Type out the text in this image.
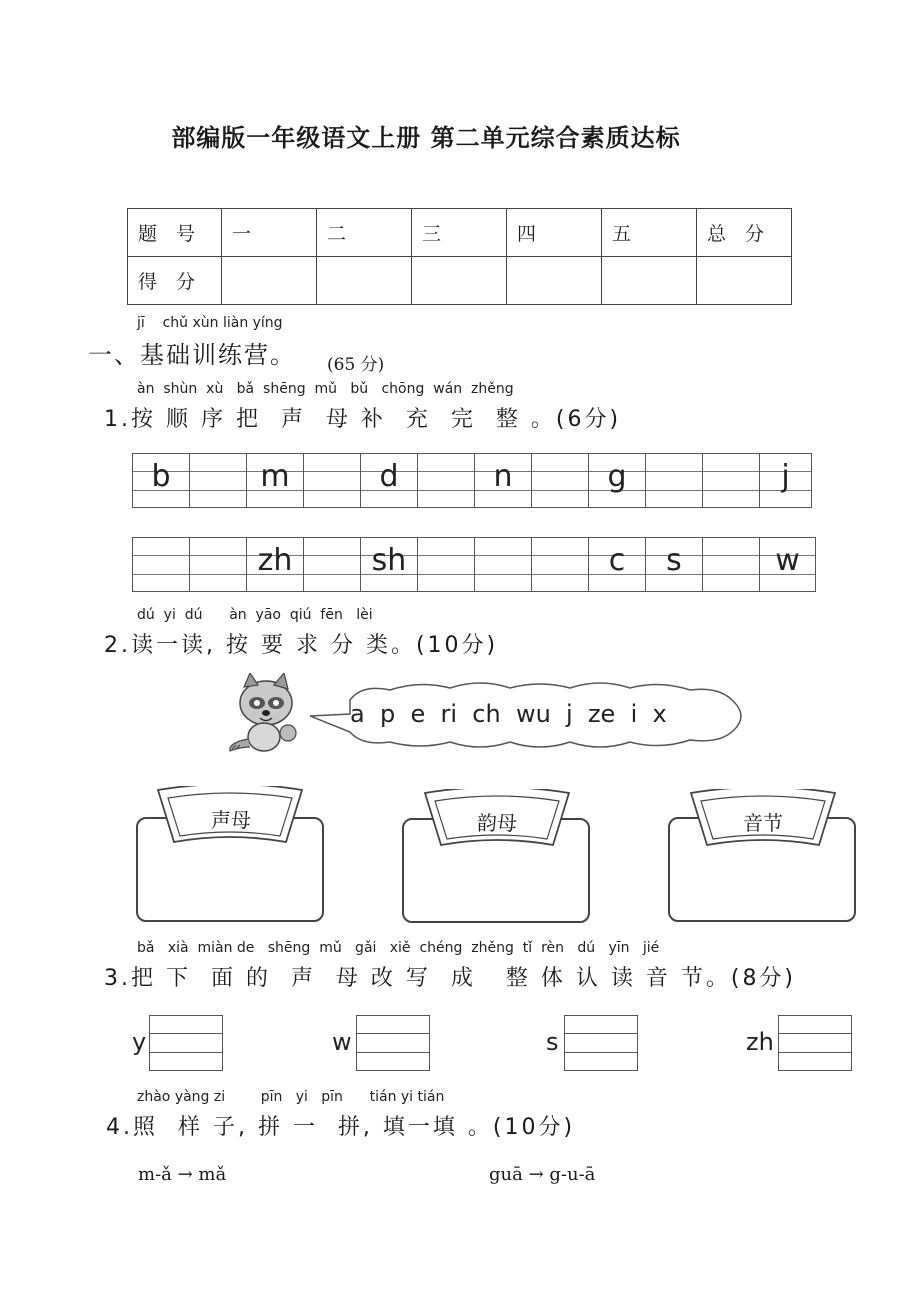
部编版一年级语文上册 第二单元综合素质达标
题　号	一	二	三	四	五	总　分
得　分						
jī    chǔ xùn liàn yíng
一、基础训练营。 (65 分)
àn  shùn  xù   bǎ  shēng  mǔ   bǔ   chōng  wán  zhěng
1.按 顺 序 把  声  母 补  充  完  整 。(6分)
b	m	d	n	g	j
zh	sh	c	s	w
dú  yi  dú      àn  yāo  qiú  fēn   lèi
2.读一读, 按 要 求 分 类。(10分)
a  p  e  ri  ch  wu  j  ze  i  x
声母	韵母	音节
bǎ   xià  miàn de   shēng  mǔ   gǎi   xiě  chéng  zhěng  tǐ  rèn   dú   yīn   jié
3.把 下  面 的  声  母 改 写  成   整 体 认 读 音 节。(8分)
y	w	s	zh
zhào yàng zi        pīn   yi   pīn      tián yi tián
4.照  样 子, 拼 一  拼, 填一填 。(10分)
m-ǎ → mǎ	guā → g-u-ā
